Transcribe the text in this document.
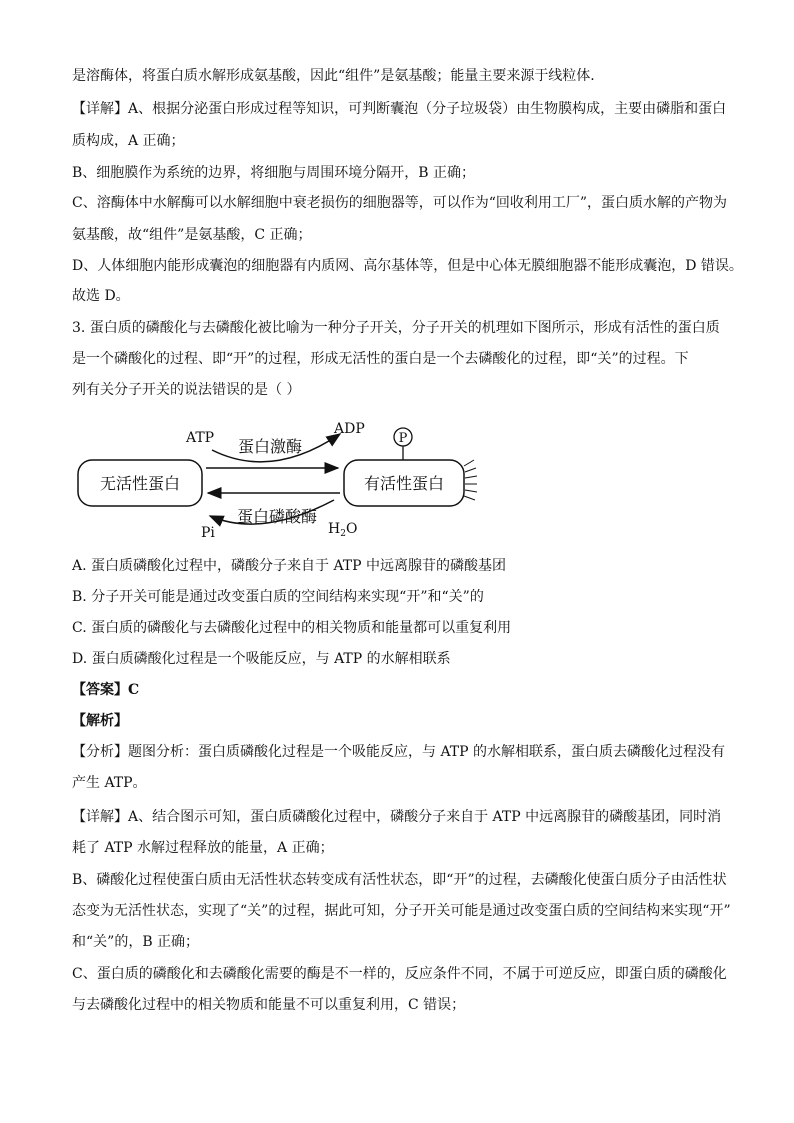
是溶酶体，将蛋白质水解形成氨基酸，因此“组件”是氨基酸；能量主要来源于线粒体.
【详解】A、根据分泌蛋白形成过程等知识，可判断囊泡（分子垃圾袋）由生物膜构成，主要由磷脂和蛋白
质构成，A 正确；
B、细胞膜作为系统的边界，将细胞与周围环境分隔开，B 正确；
C、溶酶体中水解酶可以水解细胞中衰老损伤的细胞器等，可以作为“回收利用工厂”，蛋白质水解的产物为
氨基酸，故“组件”是氨基酸，C 正确；
D、人体细胞内能形成囊泡的细胞器有内质网、高尔基体等，但是中心体无膜细胞器不能形成囊泡，D 错误。
故选 D。
3. 蛋白质的磷酸化与去磷酸化被比喻为一种分子开关，分子开关的机理如下图所示，形成有活性的蛋白质
是一个磷酸化的过程、即“开”的过程，形成无活性的蛋白是一个去磷酸化的过程，即“关”的过程。下
列有关分子开关的说法错误的是（ ）
无活性蛋白	有活性蛋白
P
ATP
ADP
蛋白激酶
蛋白磷酸酶
Pi	$H_2O$
A. 蛋白质磷酸化过程中，磷酸分子来自于 ATP 中远离腺苷的磷酸基团
B. 分子开关可能是通过改变蛋白质的空间结构来实现“开”和“关”的
C. 蛋白质的磷酸化与去磷酸化过程中的相关物质和能量都可以重复利用
D. 蛋白质磷酸化过程是一个吸能反应，与 ATP 的水解相联系
【答案】C
【解析】
【分析】题图分析：蛋白质磷酸化过程是一个吸能反应，与 ATP 的水解相联系，蛋白质去磷酸化过程没有
产生 ATP。
【详解】A、结合图示可知，蛋白质磷酸化过程中，磷酸分子来自于 ATP 中远离腺苷的磷酸基团，同时消
耗了 ATP 水解过程释放的能量，A 正确；
B、磷酸化过程使蛋白质由无活性状态转变成有活性状态，即“开”的过程，去磷酸化使蛋白质分子由活性状
态变为无活性状态，实现了“关”的过程，据此可知，分子开关可能是通过改变蛋白质的空间结构来实现“开”
和“关”的，B 正确；
C、蛋白质的磷酸化和去磷酸化需要的酶是不一样的，反应条件不同，不属于可逆反应，即蛋白质的磷酸化
与去磷酸化过程中的相关物质和能量不可以重复利用，C 错误；
